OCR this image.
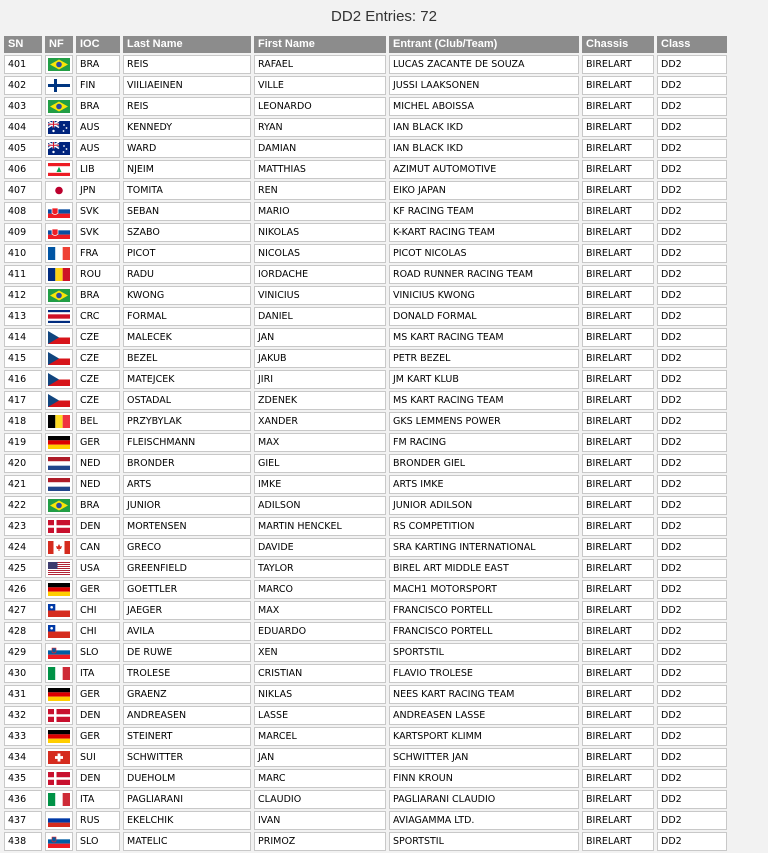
DD2 Entries: 72
SN	NF	IOC	Last Name	First Name	Entrant (Club/Team)	Chassis	Class
401		BRA	REIS	RAFAEL	LUCAS ZACANTE DE SOUZA	BIRELART	DD2
402		FIN	VIILIAEINEN	VILLE	JUSSI LAAKSONEN	BIRELART	DD2
403		BRA	REIS	LEONARDO	MICHEL ABOISSA	BIRELART	DD2
404		AUS	KENNEDY	RYAN	IAN BLACK IKD	BIRELART	DD2
405		AUS	WARD	DAMIAN	IAN BLACK IKD	BIRELART	DD2
406		LIB	NJEIM	MATTHIAS	AZIMUT AUTOMOTIVE	BIRELART	DD2
407		JPN	TOMITA	REN	EIKO JAPAN	BIRELART	DD2
408		SVK	SEBAN	MARIO	KF RACING TEAM	BIRELART	DD2
409		SVK	SZABO	NIKOLAS	K-KART RACING TEAM	BIRELART	DD2
410		FRA	PICOT	NICOLAS	PICOT NICOLAS	BIRELART	DD2
411		ROU	RADU	IORDACHE	ROAD RUNNER RACING TEAM	BIRELART	DD2
412		BRA	KWONG	VINICIUS	VINICIUS KWONG	BIRELART	DD2
413		CRC	FORMAL	DANIEL	DONALD FORMAL	BIRELART	DD2
414		CZE	MALECEK	JAN	MS KART RACING TEAM	BIRELART	DD2
415		CZE	BEZEL	JAKUB	PETR BEZEL	BIRELART	DD2
416		CZE	MATEJCEK	JIRI	JM KART KLUB	BIRELART	DD2
417		CZE	OSTADAL	ZDENEK	MS KART RACING TEAM	BIRELART	DD2
418		BEL	PRZYBYLAK	XANDER	GKS LEMMENS POWER	BIRELART	DD2
419		GER	FLEISCHMANN	MAX	FM RACING	BIRELART	DD2
420		NED	BRONDER	GIEL	BRONDER GIEL	BIRELART	DD2
421		NED	ARTS	IMKE	ARTS IMKE	BIRELART	DD2
422		BRA	JUNIOR	ADILSON	JUNIOR ADILSON	BIRELART	DD2
423		DEN	MORTENSEN	MARTIN HENCKEL	RS COMPETITION	BIRELART	DD2
424		CAN	GRECO	DAVIDE	SRA KARTING INTERNATIONAL	BIRELART	DD2
425		USA	GREENFIELD	TAYLOR	BIREL ART MIDDLE EAST	BIRELART	DD2
426		GER	GOETTLER	MARCO	MACH1 MOTORSPORT	BIRELART	DD2
427		CHI	JAEGER	MAX	FRANCISCO PORTELL	BIRELART	DD2
428		CHI	AVILA	EDUARDO	FRANCISCO PORTELL	BIRELART	DD2
429		SLO	DE RUWE	XEN	SPORTSTIL	BIRELART	DD2
430		ITA	TROLESE	CRISTIAN	FLAVIO TROLESE	BIRELART	DD2
431		GER	GRAENZ	NIKLAS	NEES KART RACING TEAM	BIRELART	DD2
432		DEN	ANDREASEN	LASSE	ANDREASEN LASSE	BIRELART	DD2
433		GER	STEINERT	MARCEL	KARTSPORT KLIMM	BIRELART	DD2
434		SUI	SCHWITTER	JAN	SCHWITTER JAN	BIRELART	DD2
435		DEN	DUEHOLM	MARC	FINN KROUN	BIRELART	DD2
436		ITA	PAGLIARANI	CLAUDIO	PAGLIARANI CLAUDIO	BIRELART	DD2
437		RUS	EKELCHIK	IVAN	AVIAGAMMA LTD.	BIRELART	DD2
438		SLO	MATELIC	PRIMOZ	SPORTSTIL	BIRELART	DD2
